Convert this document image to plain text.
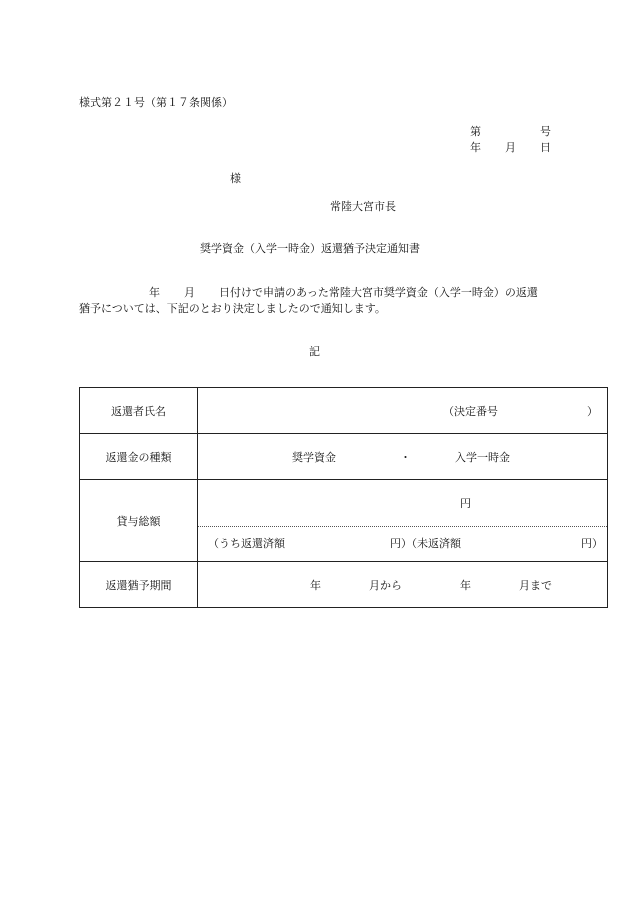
様式第２１号（第１７条関係）
第	号
年 月 日
様
常陸大宮市長
奨学資金（入学一時金）返還猶予決定通知書
年 月 日付けで申請のあった常陸大宮市奨学資金（入学一時金）の返還
猶予については、下記のとおり決定しましたので通知します。
記
返還者氏名	（決定番号 ）

返還金の種類	奨学資金 ・ 入学一時金

貸与総額	円
（うち返還済額 円）
（未返済額 円）

返還猶予期間	年 月から 年 月まで
